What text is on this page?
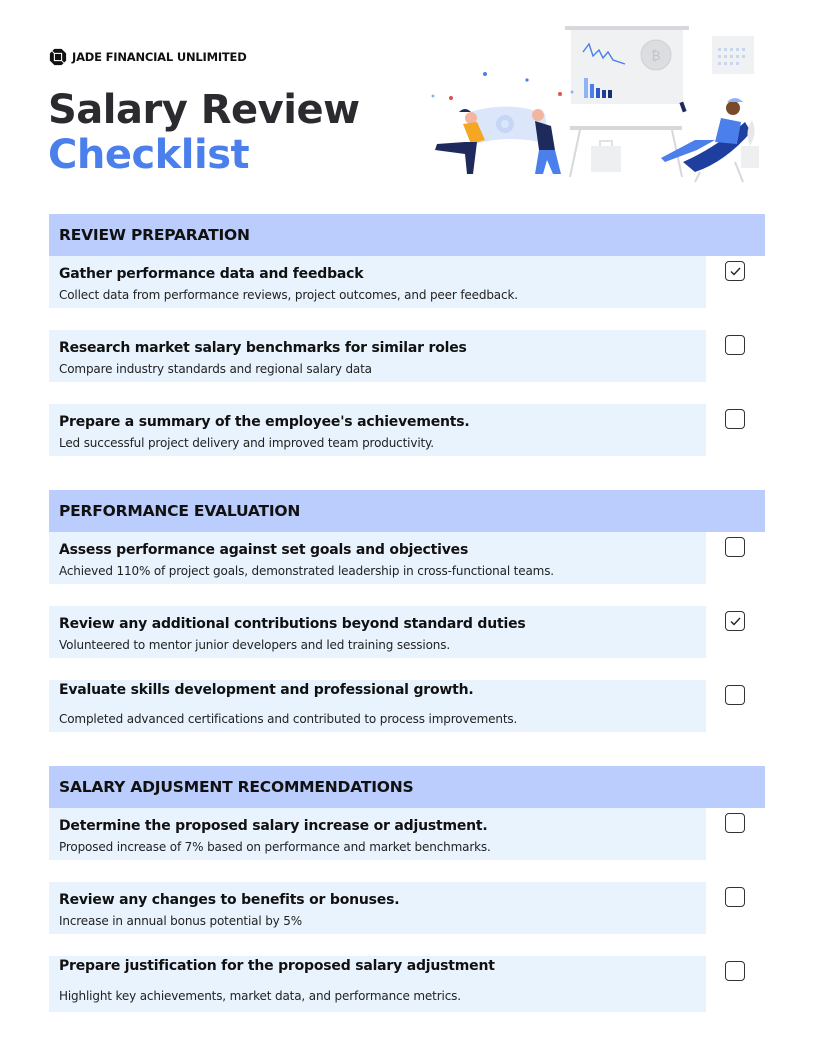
JADE FINANCIAL UNLIMITED
Salary Review
Checklist
₿
REVIEW PREPARATION
Gather performance data and feedback
Collect data from performance reviews, project outcomes, and peer feedback.
Research market salary benchmarks for similar roles
Compare industry standards and regional salary data
Prepare a summary of the employee's achievements.
Led successful project delivery and improved team productivity.
PERFORMANCE EVALUATION
Assess performance against set goals and objectives
Achieved 110% of project goals, demonstrated leadership in cross-functional teams.
Review any additional contributions beyond standard duties
Volunteered to mentor junior developers and led training sessions.
Evaluate skills development and professional growth.
Completed advanced certifications and contributed to process improvements.
SALARY ADJUSMENT RECOMMENDATIONS
Determine the proposed salary increase or adjustment.
Proposed increase of 7% based on performance and market benchmarks.
Review any changes to benefits or bonuses.
Increase in annual bonus potential by 5%
Prepare justification for the proposed salary adjustment
Highlight key achievements, market data, and performance metrics.
